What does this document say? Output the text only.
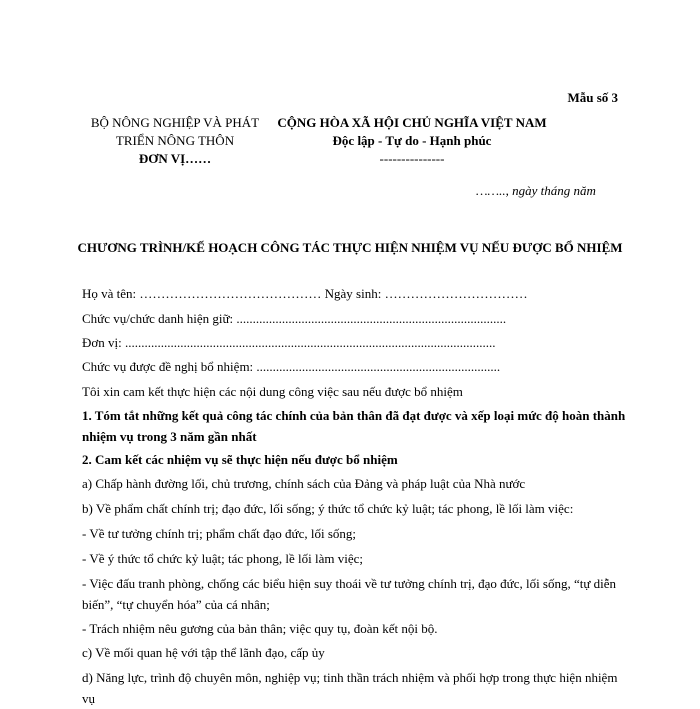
Mẫu số 3
BỘ NÔNG NGHIỆP VÀ PHÁT
TRIỂN NÔNG THÔN
ĐƠN VỊ……
CỘNG HÒA XÃ HỘI CHỦ NGHĨA VIỆT NAM
Độc lập - Tự do - Hạnh phúc
---------------
…….., ngày tháng năm
CHƯƠNG TRÌNH/KẾ HOẠCH CÔNG TÁC THỰC HIỆN NHIỆM VỤ NẾU ĐƯỢC BỔ NHIỆM
Họ và tên: …………………………………… Ngày sinh: ……………………………
Chức vụ/chức danh hiện giữ: ...................................................................................
Đơn vị: ..................................................................................................................
Chức vụ được đề nghị bổ nhiệm: ...........................................................................
Tôi xin cam kết thực hiện các nội dung công việc sau nếu được bổ nhiệm
1. Tóm tắt những kết quả công tác chính của bản thân đã đạt được và xếp loại mức độ hoàn thành nhiệm vụ trong 3 năm gần nhất
2. Cam kết các nhiệm vụ sẽ thực hiện nếu được bổ nhiệm
a) Chấp hành đường lối, chủ trương, chính sách của Đảng và pháp luật của Nhà nước
b) Về phẩm chất chính trị; đạo đức, lối sống; ý thức tổ chức kỷ luật; tác phong, lề lối làm việc:
- Về tư tưởng chính trị; phẩm chất đạo đức, lối sống;
- Về ý thức tổ chức kỷ luật; tác phong, lề lối làm việc;
- Việc đấu tranh phòng, chống các biểu hiện suy thoái về tư tưởng chính trị, đạo đức, lối sống, “tự diễn biến”, “tự chuyển hóa” của cá nhân;
- Trách nhiệm nêu gương của bản thân; việc quy tụ, đoàn kết nội bộ.
c) Về mối quan hệ với tập thể lãnh đạo, cấp ủy
d) Năng lực, trình độ chuyên môn, nghiệp vụ; tinh thần trách nhiệm và phối hợp trong thực hiện nhiệm vụ
